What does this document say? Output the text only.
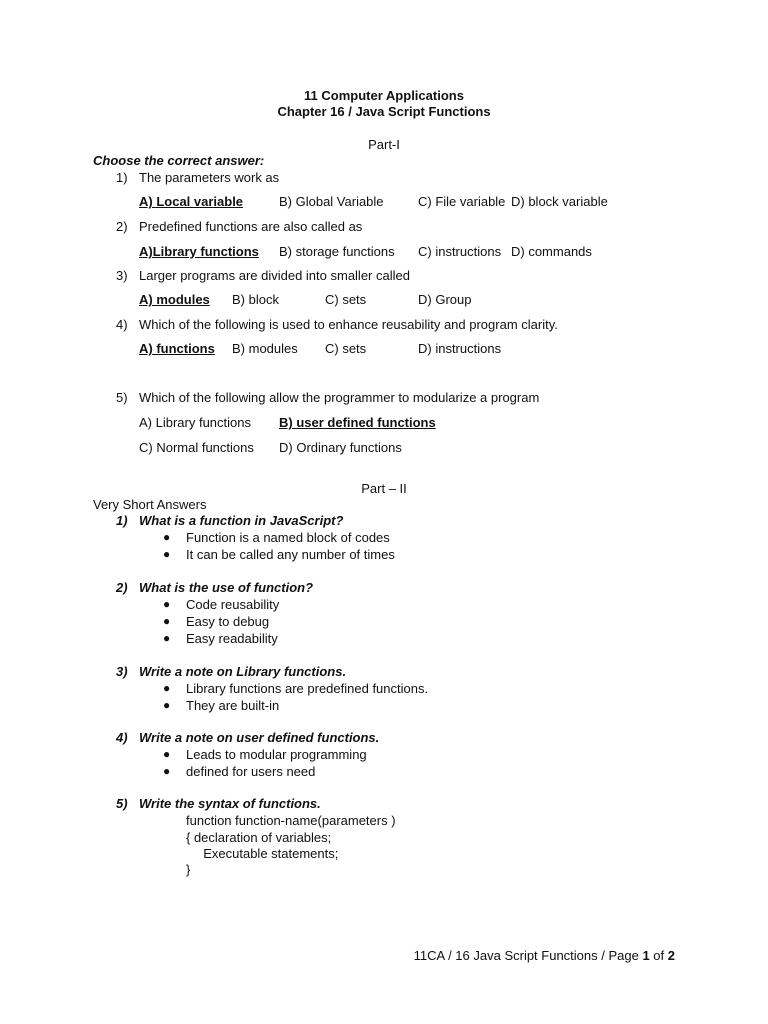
11 Computer Applications
Chapter 16 / Java Script Functions
Part-I
Choose the correct answer:
1) The parameters work as
A) Local variable	B) Global Variable	C) File variable D) block variable
2) Predefined functions are also called as
A)Library functions B) storage functions C) instructions D) commands
3) Larger programs are divided into smaller called
A) modules B) block	C) sets	D) Group
4) Which of the following is used to enhance reusability and program clarity.
A) functions B) modules C) sets	D) instructions
5) Which of the following allow the programmer to modularize a program
A) Library functions B) user defined functions
C) Normal functions D) Ordinary functions
Part – II
Very Short Answers
1) What is a function in JavaScript?
● Function is a named block of codes
● It can be called any number of times
2) What is the use of function?
● Code reusability
● Easy to debug
● Easy readability
3) Write a note on Library functions.
● Library functions are predefined functions.
● They are built-in
4) Write a note on user defined functions.
● Leads to modular programming
● defined for users need
5) Write the syntax of functions.
function function-name(parameters )
{ declaration of variables;
Executable statements;
}
11CA / 16 Java Script Functions / Page 1 of 2
